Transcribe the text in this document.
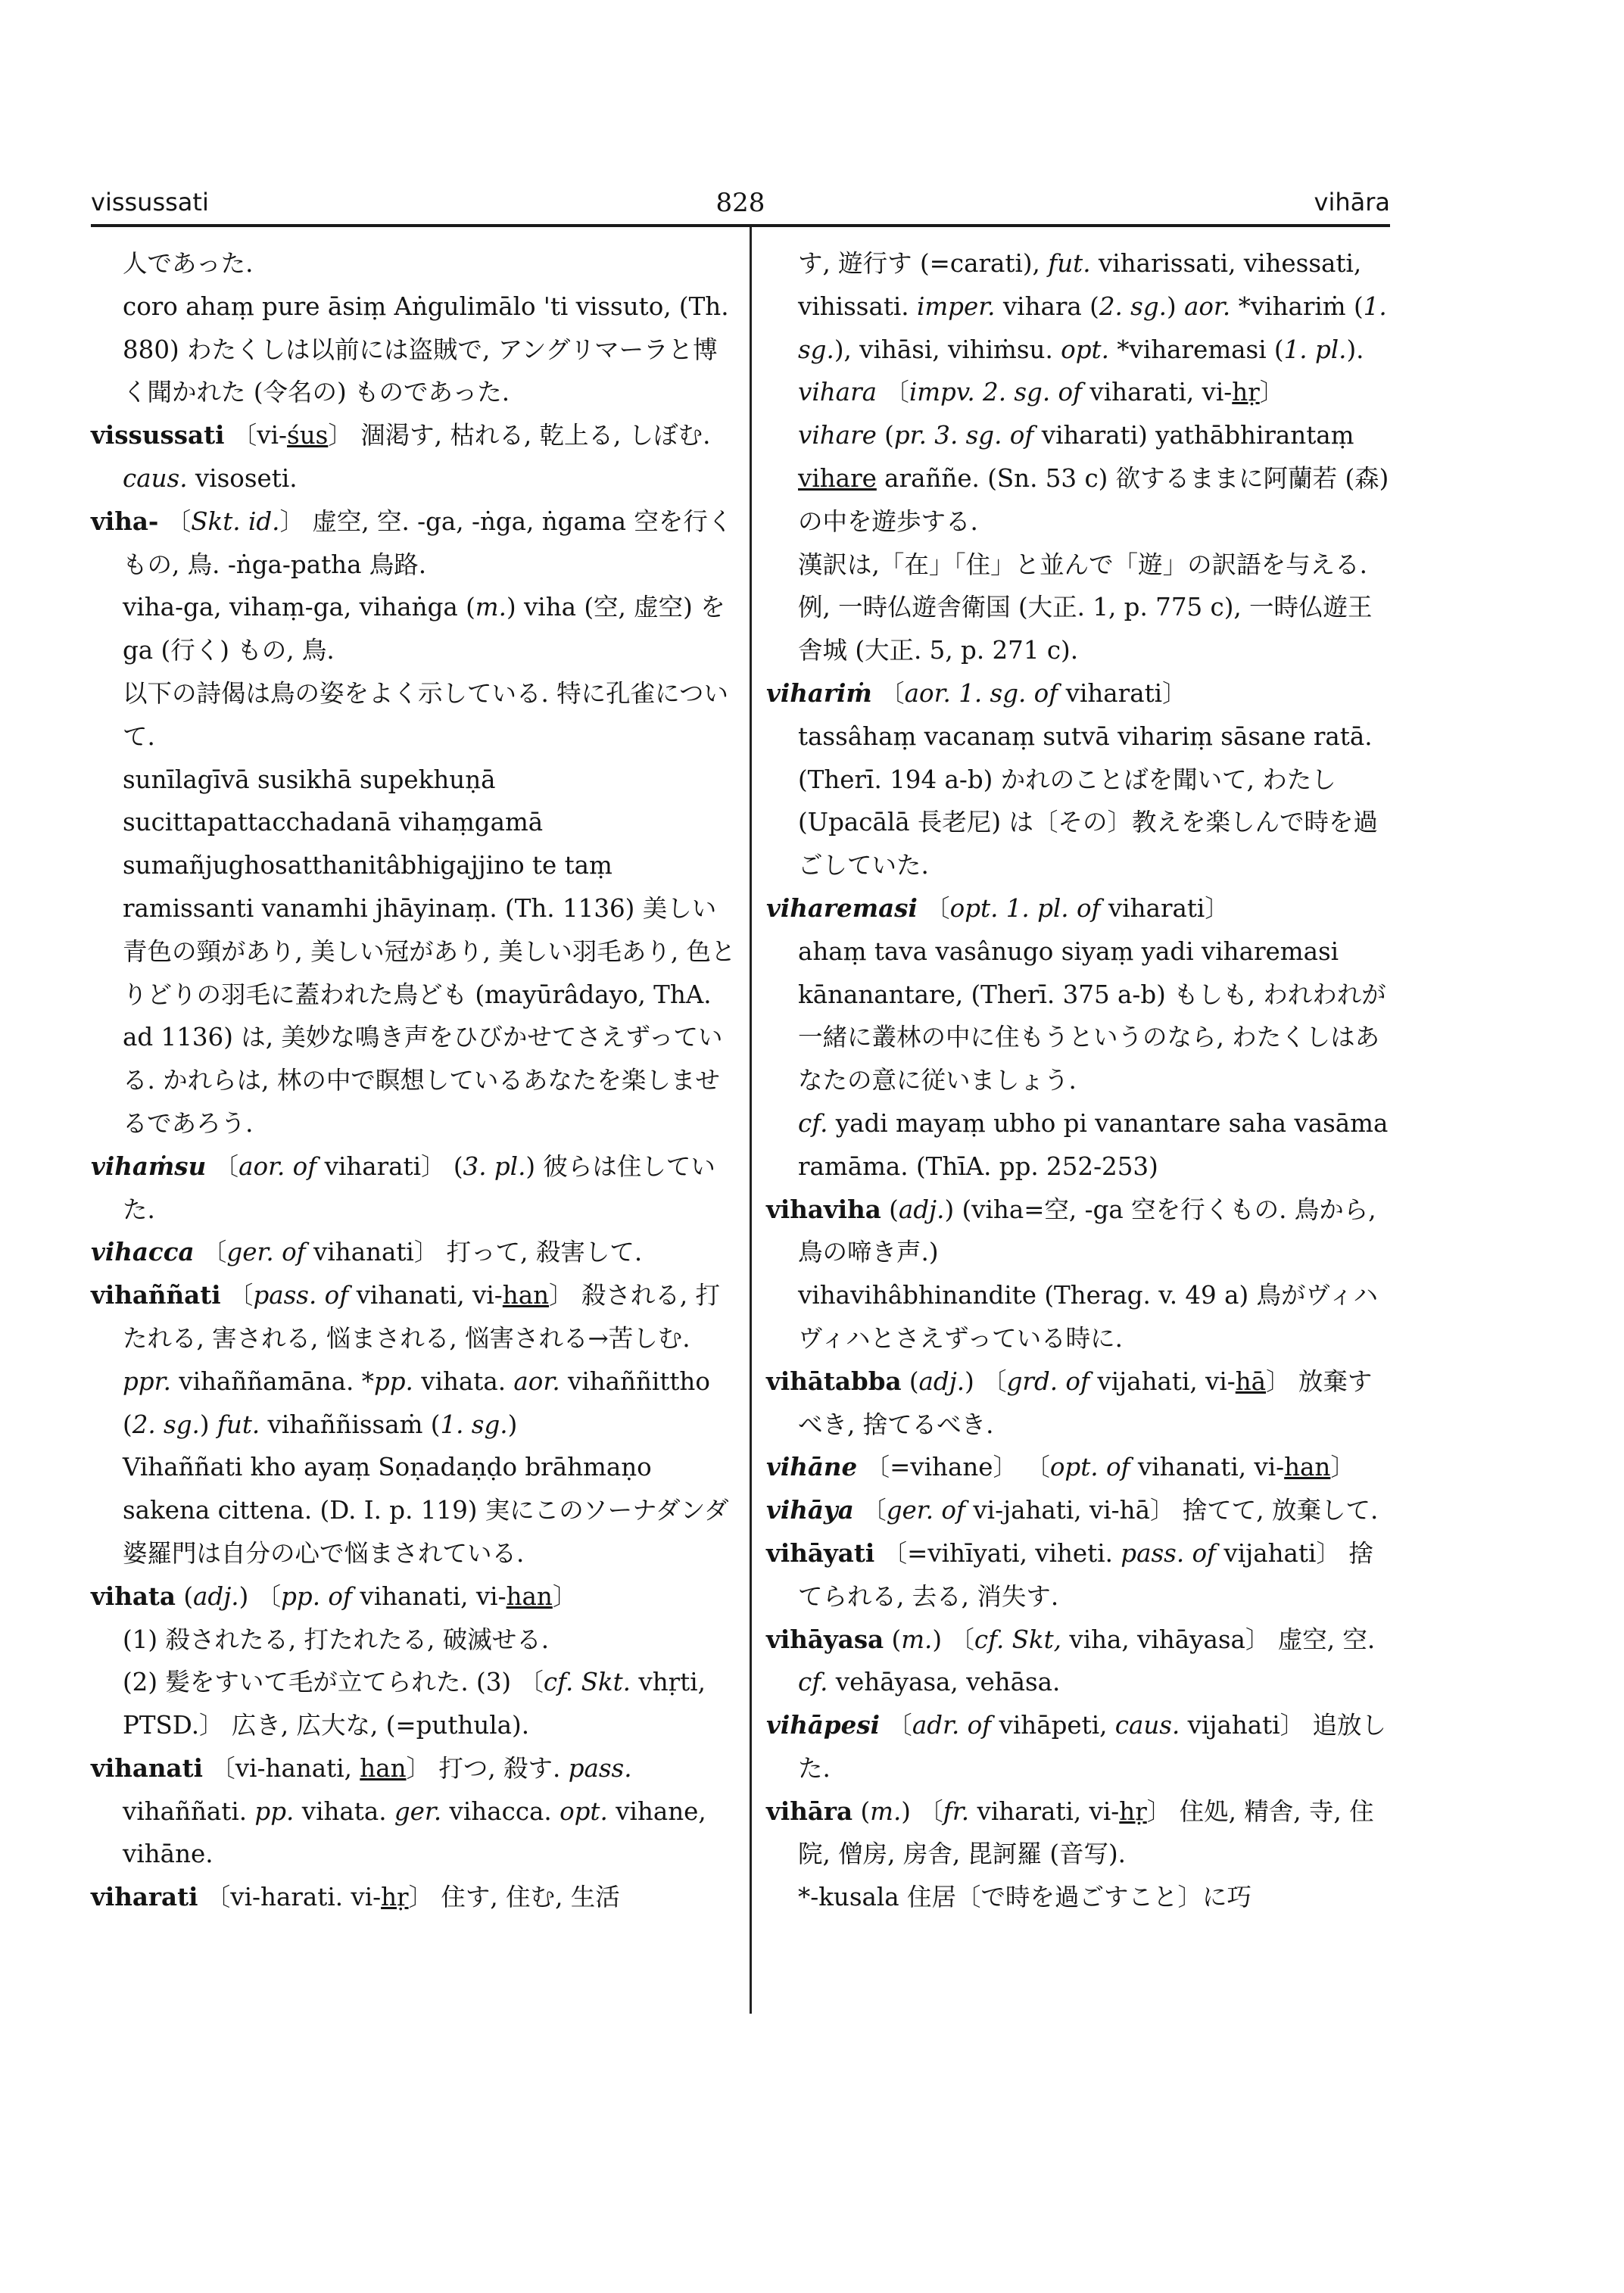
vissussati	828	vihāra

人であった.

coro ahaṃ pure āsiṃ Aṅgulimālo 'ti vissuto, (Th. 880) わたくしは以前には盗賊で, アングリマーラと博く聞かれた (令名の) ものであった.

vissussati 〔vi-śus〕 涸渇す, 枯れる, 乾上る, しぼむ. caus. visoseti.

viha- 〔Skt. id.〕 虚空, 空. -ga, -ṅga, ṅgama 空を行くもの, 鳥. -ṅga-patha 鳥路.

viha-ga, vihaṃ-ga, vihaṅga (m.) viha (空, 虚空) を ga (行く) もの, 鳥.

以下の詩偈は鳥の姿をよく示している. 特に孔雀について.

sunīlagīvā susikhā supekhuṇā sucittapattacchadanā vihaṃgamā sumañjughosatthanitâbhigajjino te taṃ ramissanti vanamhi jhāyinaṃ. (Th. 1136) 美しい青色の頸があり, 美しい冠があり, 美しい羽毛あり, 色とりどりの羽毛に蓋われた鳥ども (mayūrâdayo, ThA. ad 1136) は, 美妙な鳴き声をひびかせてさえずっている. かれらは, 林の中で瞑想しているあなたを楽しませるであろう.

vihaṁsu 〔aor. of viharati〕 (3. pl.) 彼らは住していた.

vihacca 〔ger. of vihanati〕 打って, 殺害して.

vihaññati 〔pass. of vihanati, vi-han〕 殺される, 打たれる, 害される, 悩まされる, 悩害される→苦しむ. ppr. vihaññamāna. *pp. vihata. aor. vihaññittho (2. sg.) fut. vihaññissaṁ (1. sg.)

Vihaññati kho ayaṃ Soṇadaṇḍo brāhmaṇo sakena cittena. (D. I. p. 119) 実にこのソーナダンダ婆羅門は自分の心で悩まされている.

vihata (adj.) 〔pp. of vihanati, vi-han〕

(1) 殺されたる, 打たれたる, 破滅せる.

(2) 髪をすいて毛が立てられた. (3) 〔cf. Skt. vhṛti, PTSD.〕 広き, 広大な, (=puthula).

vihanati 〔vi-hanati, han〕 打つ, 殺す. pass. vihaññati. pp. vihata. ger. vihacca. opt. vihane, vihāne.

viharati 〔vi-harati. vi-hṛ〕 住す, 住む, 生活

す, 遊行す (=carati), fut. viharissati, vihessati, vihissati. imper. vihara (2. sg.) aor. *vihariṁ (1. sg.), vihāsi, vihiṁsu. opt. *viharemasi (1. pl.).

vihara 〔impv. 2. sg. of viharati, vi-hṛ〕

vihare (pr. 3. sg. of viharati) yathābhirantaṃ vihare araññe. (Sn. 53 c) 欲するままに阿蘭若 (森) の中を遊歩する.

漢訳は,「在」「住」と並んで「遊」の訳語を与える. 例, 一時仏遊舎衛国 (大正. 1, p. 775 c), 一時仏遊王舎城 (大正. 5, p. 271 c).

vihariṁ 〔aor. 1. sg. of viharati〕

tassâhaṃ vacanaṃ sutvā vihariṃ sāsane ratā. (Therī. 194 a-b) かれのことばを聞いて, わたし (Upacālā 長老尼) は〔その〕教えを楽しんで時を過ごしていた.

viharemasi 〔opt. 1. pl. of viharati〕

ahaṃ tava vasânugo siyaṃ yadi viharemasi kānanantare, (Therī. 375 a-b) もしも, われわれが一緒に叢林の中に住もうというのなら, わたくしはあなたの意に従いましょう.

cf. yadi mayaṃ ubho pi vanantare saha vasāma ramāma. (ThīA. pp. 252-253)

vihaviha (adj.) (viha=空, -ga 空を行くもの. 鳥から, 鳥の啼き声.)

vihavihâbhinandite (Therag. v. 49 a) 鳥がヴィハヴィハとさえずっている時に.

vihātabba (adj.) 〔grd. of vijahati, vi-hā〕 放棄すべき, 捨てるべき.

vihāne 〔=vihane〕 〔opt. of vihanati, vi-han〕

vihāya 〔ger. of vi-jahati, vi-hā〕 捨てて, 放棄して.

vihāyati 〔=vihīyati, viheti. pass. of vijahati〕 捨てられる, 去る, 消失す.

vihāyasa (m.) 〔cf. Skt, viha, vihāyasa〕 虚空, 空. cf. vehāyasa, vehāsa.

vihāpesi 〔adr. of vihāpeti, caus. vijahati〕 追放した.

vihāra (m.) 〔fr. viharati, vi-hṛ〕 住処, 精舎, 寺, 住院, 僧房, 房舎, 毘訶羅 (音写).

*-kusala 住居〔で時を過ごすこと〕に巧
